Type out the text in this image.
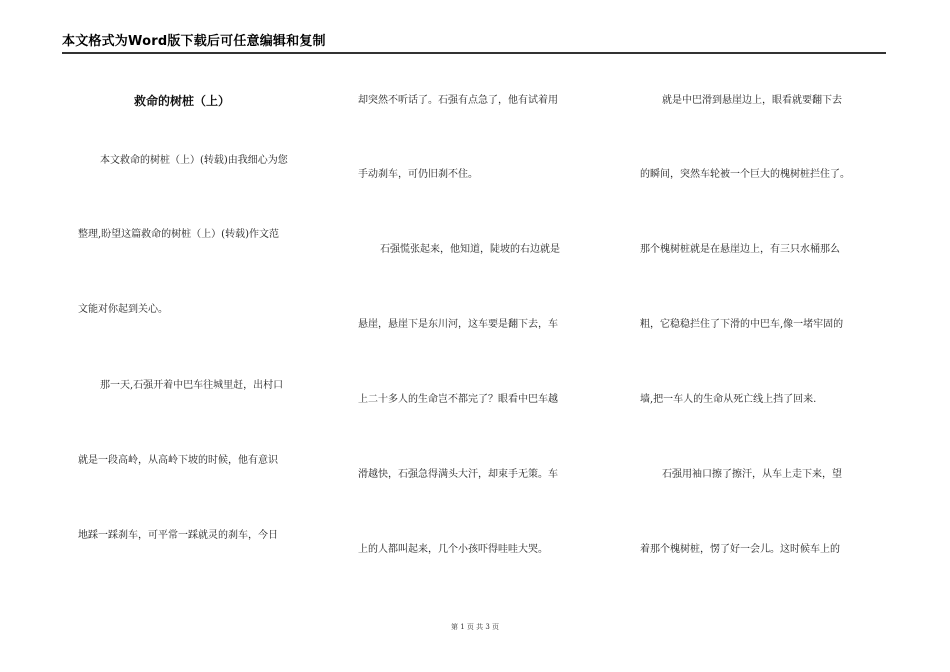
本文格式为Word版下载后可任意编辑和复制
救命的树桩（上）
本文救命的树桩（上）(转载)由我细心为您
整理,盼望这篇救命的树桩（上）(转载)作文范
文能对你起到关心。
那一天,石强开着中巴车往城里赶，出村口
就是一段高岭，从高岭下坡的时候，他有意识
地踩一踩刹车，可平常一踩就灵的刹车，今日
却突然不听话了。石强有点急了，他有试着用
手动刹车，可仍旧刹不住。
石强慌张起来，他知道，陡坡的右边就是
悬崖，悬崖下是东川河，这车要是翻下去，车
上二十多人的生命岂不都完了？眼看中巴车越
滑越快，石强急得满头大汗，却束手无策。车
上的人都叫起来，几个小孩吓得哇哇大哭。
就是中巴滑到悬崖边上，眼看就要翻下去
的瞬间，突然车轮被一个巨大的槐树桩拦住了。
那个槐树桩就是在悬崖边上，有三只水桶那么
粗，它稳稳拦住了下滑的中巴车,像一堵牢固的
墙,把一车人的生命从死亡线上挡了回来.
石强用袖口擦了擦汗，从车上走下来，望
着那个槐树桩，愣了好一会儿。这时候车上的
第 1 页 共 3 页
